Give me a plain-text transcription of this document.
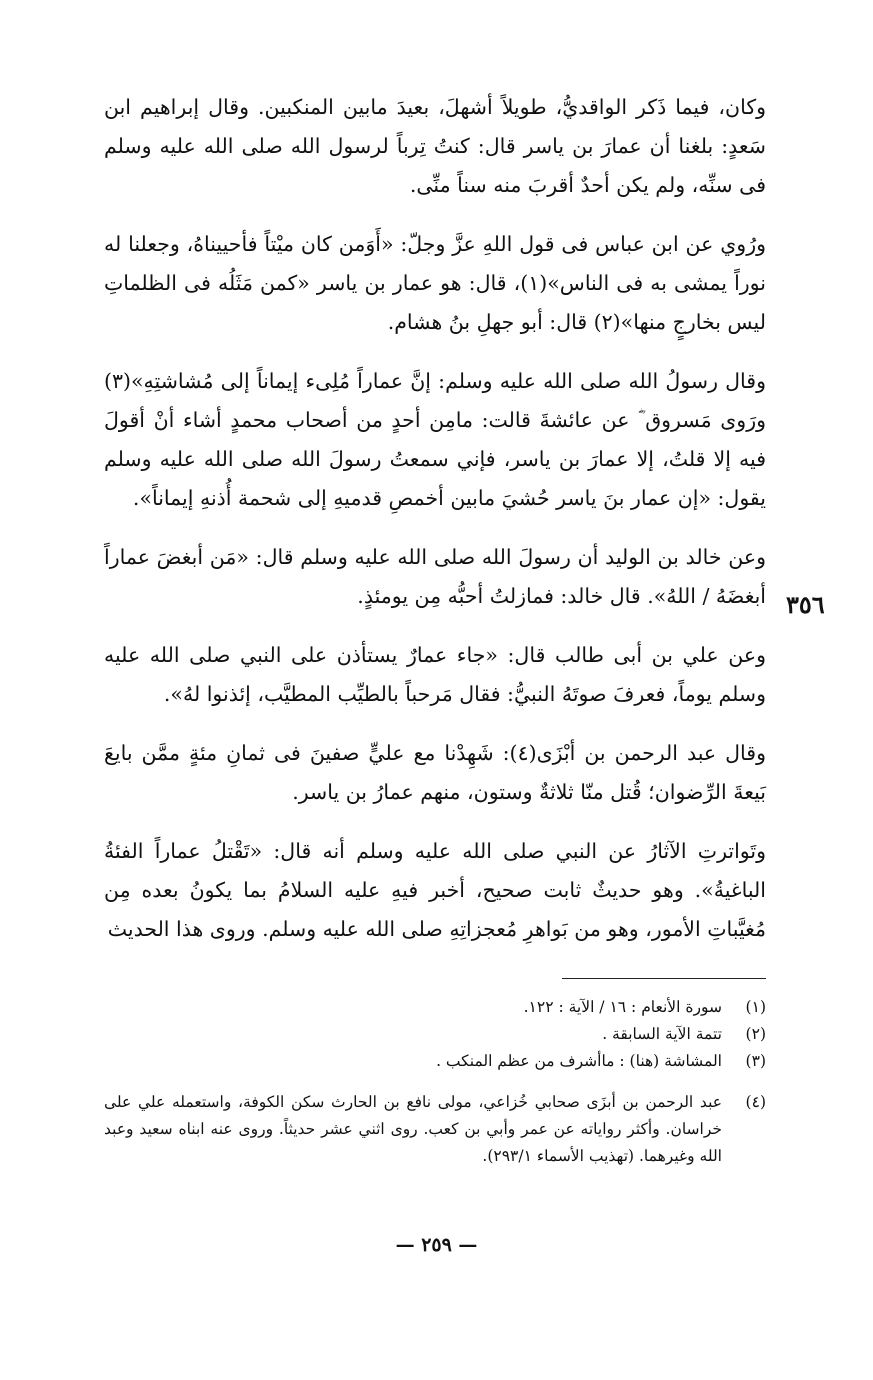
وكان، فيما ذَكر الواقديُّ، طويلاً أشهلَ، بعيدَ مابين المنكبين. وقال إبراهيم ابن سَعدٍ: بلغنا أن عمارَ بن ياسر قال: كنتُ تِرباً لرسول الله صلى الله عليه وسلم فى سنِّه، ولم يكن أحدٌ أقربَ منه سناً منِّى.

ورُوي عن ابن عباس فى قول اللهِ عزَّ وجلّ: «أَوَمن كان ميْتاً فأحييناهُ، وجعلنا له نوراً يمشى به فى الناس»(١)، قال: هو عمار بن ياسر «كمن مَثَلُه فى الظلماتِ ليس بخارجٍ منها»(٢) قال: أبو جهلِ بنُ هشام.

وقال رسولُ الله صلى الله عليه وسلم: إنَّ عماراً مُلِىء إيماناً إلى مُشاشتِهِ»(٣) ورَوى مَسروق ؓ عن عائشةَ قالت: مامِن أحدٍ من أصحاب محمدٍ أشاء أنْ أقولَ فيه إلا قلتُ، إلا عمارَ بن ياسر، فإني سمعتُ رسولَ الله صلى الله عليه وسلم يقول: «إن عمار بنَ ياسر حُشيَ مابين أخمصِ قدميهِ إلى شحمة أُذنهِ إيماناً».

وعن خالد بن الوليد أن رسولَ الله صلى الله عليه وسلم قال: «مَن أبغضَ عماراً أبغضَهُ / اللهُ». قال خالد: فمازلتُ أحبُّه مِن يومئذٍ.

وعن علي بن أبى طالب قال: «جاء عمارٌ يستأذن على النبي صلى الله عليه وسلم يوماً، فعرفَ صوتَهُ النبيُّ: فقال مَرحباً بالطيِّب المطيَّب، إئذنوا لهُ».

وقال عبد الرحمن بن أبْزَى(٤): شَهِدْنا مع عليٍّ صفينَ فى ثمانِ مئةٍ ممَّن بايعَ بَيعةَ الرِّضوان؛ قُتل منّا ثلاثةٌ وستون، منهم عمارُ بن ياسر.

وتَواترتِ الآثارُ عن النبي صلى الله عليه وسلم أنه قال: «تَقْتلُ عماراً الفئةُ الباغيةُ». وهو حديثٌ ثابت صحيح، أخبر فيهِ عليه السلامُ بما يكونُ بعده مِن مُغيَّباتِ الأمور، وهو من بَواهرِ مُعجزاتِهِ صلى الله عليه وسلم. وروى هذا الحديث

٣٥٦
(١)
سورة الأنعام : ١٦ / الآية : ١٢٢.
(٢)
تتمة الآية السابقة .
(٣)
المشاشة (هنا) : ماأشرف من عظم المنكب .
(٤)
عبد الرحمن بن أبزَى صحابي خُزاعي، مولى نافع بن الحارث سكن الكوفة، واستعمله علي على خراسان. وأكثر رواياته عن عمر وأبي بن كعب. روى اثني عشر حديثاً. وروى عنه ابناه سعيد وعبد الله وغيرهما. (تهذيب الأسماء ٢٩٣/١).
— ٢٥٩ —
